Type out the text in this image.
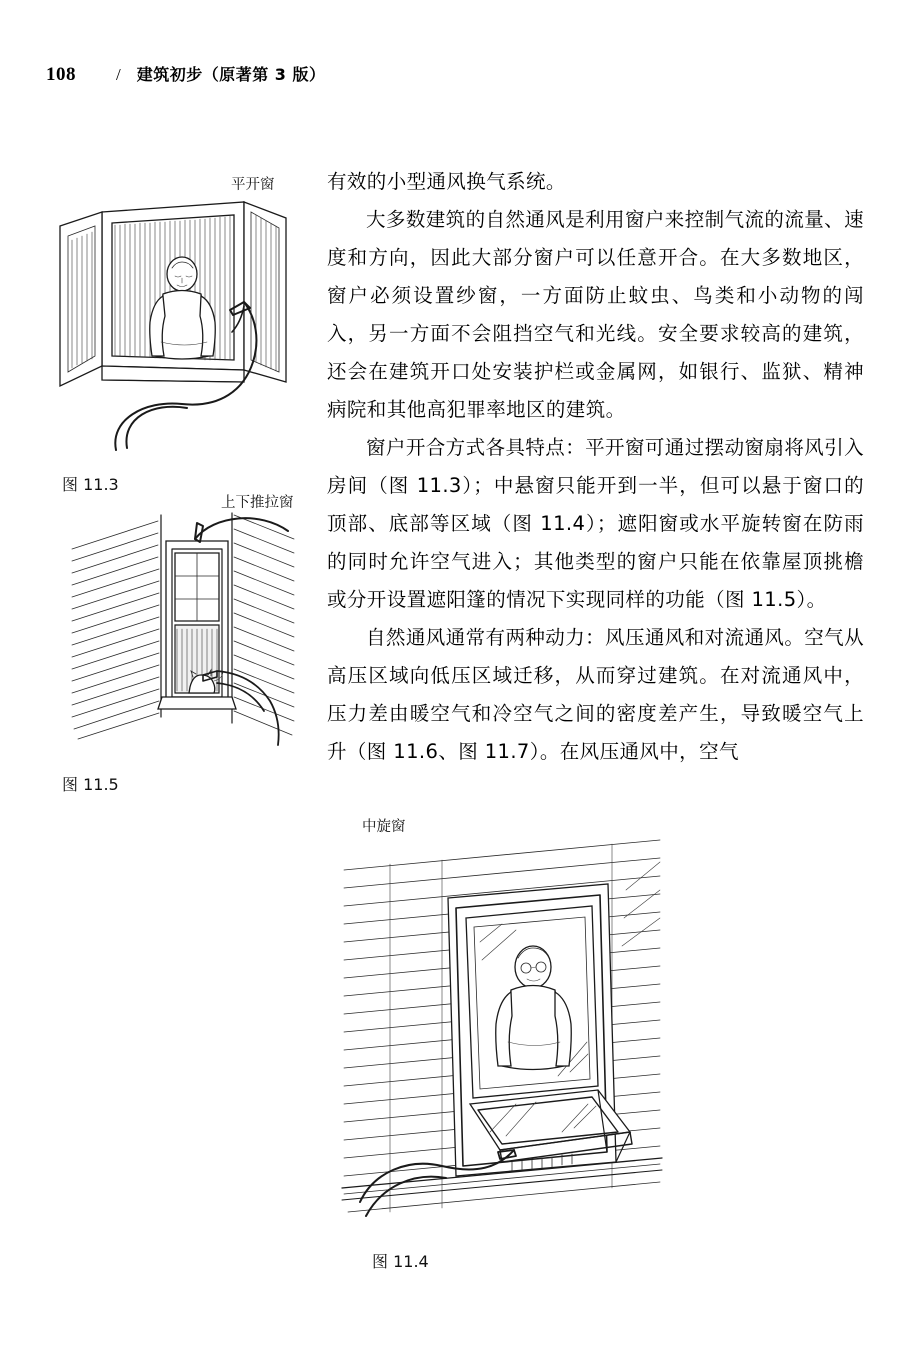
108 / 建筑初步（原著第 3 版）

有效的小型通风换气系统。

大多数建筑的自然通风是利用窗户来控制气流的流量、速度和方向，因此大部分窗户可以任意开合。在大多数地区，窗户必须设置纱窗，一方面防止蚊虫、鸟类和小动物的闯入，另一方面不会阻挡空气和光线。安全要求较高的建筑，还会在建筑开口处安装护栏或金属网，如银行、监狱、精神病院和其他高犯罪率地区的建筑。

窗户开合方式各具特点：平开窗可通过摆动窗扇将风引入房间（图 11.3）；中悬窗只能开到一半，但可以悬于窗口的顶部、底部等区域（图 11.4）；遮阳窗或水平旋转窗在防雨的同时允许空气进入；其他类型的窗户只能在依靠屋顶挑檐或分开设置遮阳篷的情况下实现同样的功能（图 11.5）。

自然通风通常有两种动力：风压通风和对流通风。空气从高压区域向低压区域迁移，从而穿过建筑。在对流通风中，压力差由暖空气和冷空气之间的密度差产生，导致暖空气上升（图 11.6、图 11.7）。在风压通风中，空气

平开窗
图 11.3
上下推拉窗
图 11.5
中旋窗
图 11.4
